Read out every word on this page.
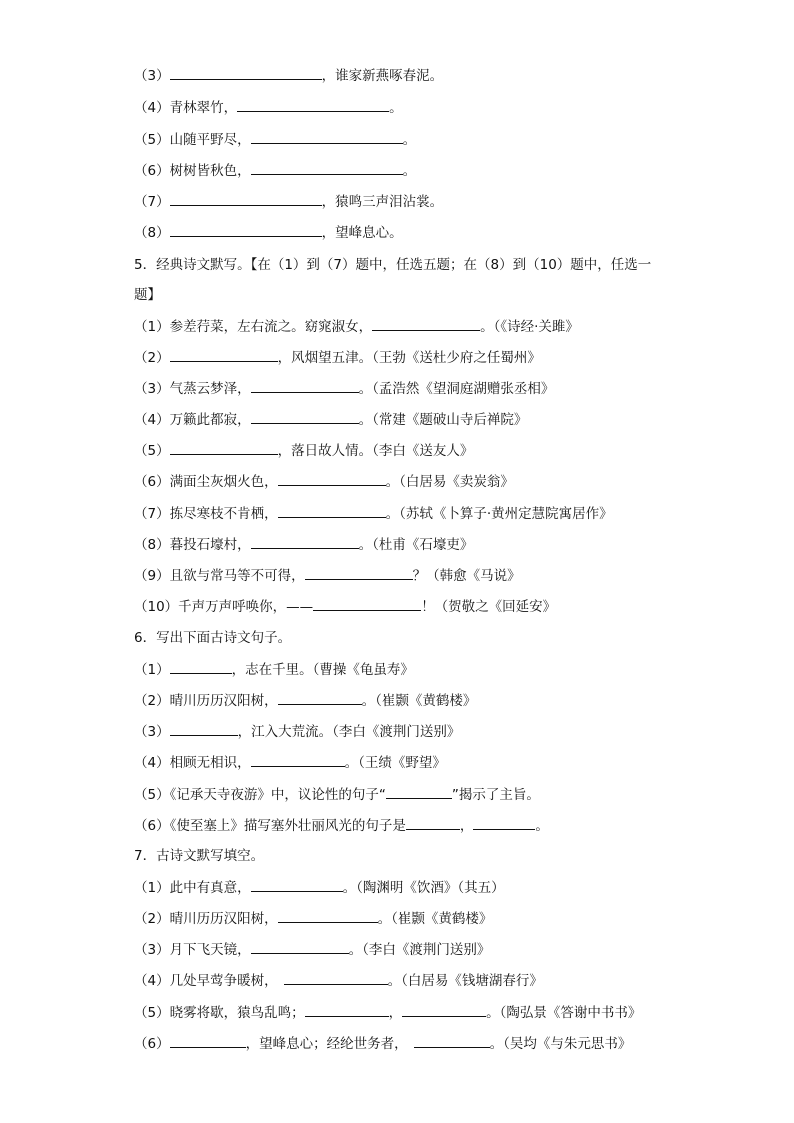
（3）	，谁家新燕啄春泥。
（4）青林翠竹，	。
（5）山随平野尽，	。
（6）树树皆秋色，	。
（7）	，猿鸣三声泪沾裳。
（8）	，望峰息心。
5．经典诗文默写。【在（1）到（7）题中，任选五题；在（8）到（10）题中，任选一
题】
（1）参差荇菜，左右流之。窈窕淑女，	。（《诗经·关雎》
（2）	，风烟望五津。（王勃《送杜少府之任蜀州》
（3）气蒸云梦泽，	。（孟浩然《望洞庭湖赠张丞相》
（4）万籁此都寂，	。（常建《题破山寺后禅院》
（5）	，落日故人情。（李白《送友人》
（6）满面尘灰烟火色，	。（白居易《卖炭翁》
（7）拣尽寒枝不肯栖，	。（苏轼《卜算子·黄州定慧院寓居作》
（8）暮投石壕村，	。（杜甫《石壕吏》
（9）且欲与常马等不可得，	？（韩愈《马说》
（10）千声万声呼唤你，——	！（贺敬之《回延安》
6．写出下面古诗文句子。
（1）	，志在千里。（曹操《龟虽寿》
（2）晴川历历汉阳树，	。（崔颢《黄鹤楼》
（3）	，江入大荒流。（李白《渡荆门送别》
（4）相顾无相识，	。（王绩《野望》
（5）《记承天寺夜游》中，议论性的句子“	”揭示了主旨。
（6）《使至塞上》描写塞外壮丽风光的句子是	，	。
7．古诗文默写填空。
（1）此中有真意，	。（陶渊明《饮酒》（其五）
（2）晴川历历汉阳树，	。（崔颢《黄鹤楼》
（3）月下飞天镜，	。（李白《渡荆门送别》
（4）几处早莺争暖树，	。（白居易《钱塘湖春行》
（5）晓雾将歇，猿鸟乱鸣；	，	。（陶弘景《答谢中书书》
（6）	，望峰息心；经纶世务者，	。（吴均《与朱元思书》
